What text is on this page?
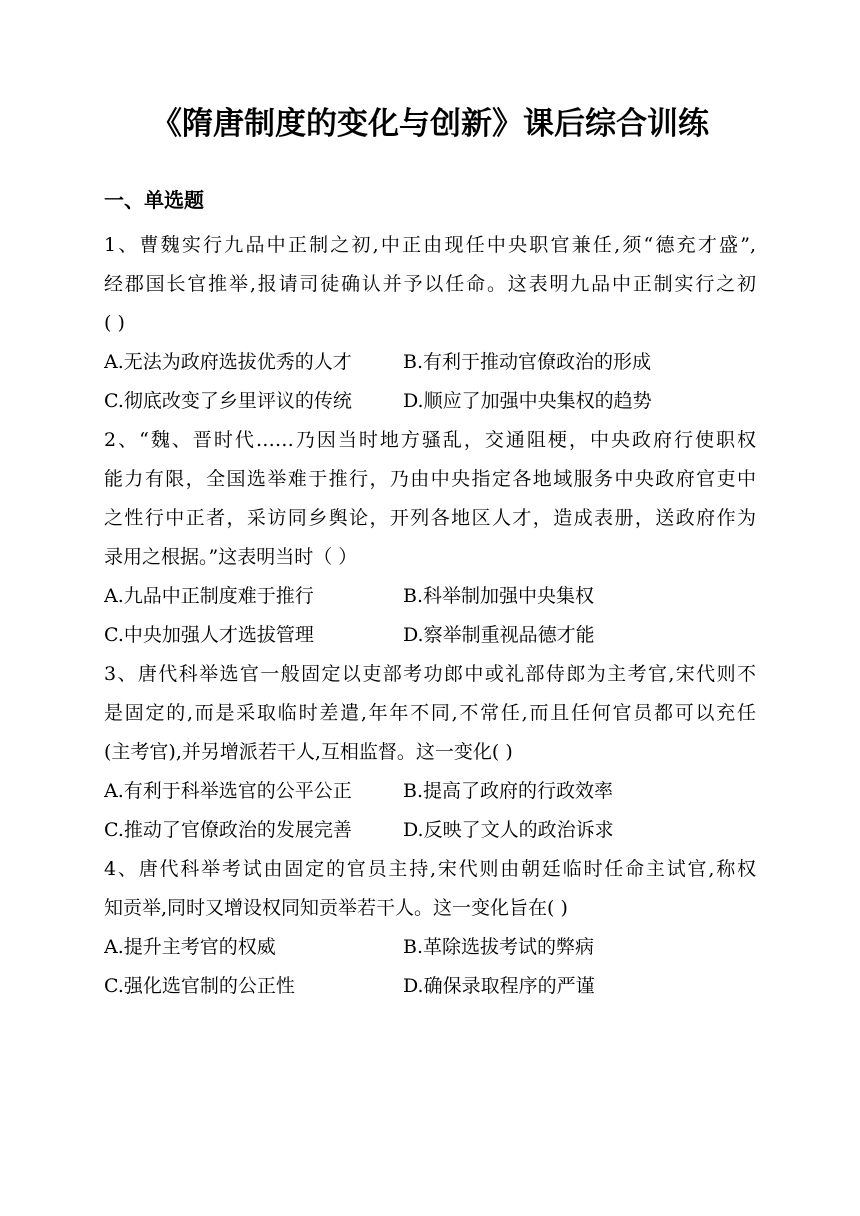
《隋唐制度的变化与创新》课后综合训练
一、单选题
1、曹魏实行九品中正制之初,中正由现任中央职官兼任,须“德充才盛”,
经郡国长官推举,报请司徒确认并予以任命。这表明九品中正制实行之初
( )
A.无法为政府选拔优秀的人才	B.有利于推动官僚政治的形成
C.彻底改变了乡里评议的传统	D.顺应了加强中央集权的趋势
2、“魏、晋时代……乃因当时地方骚乱，交通阻梗，中央政府行使职权
能力有限，全国选举难于推行，乃由中央指定各地域服务中央政府官吏中
之性行中正者，采访同乡舆论，开列各地区人才，造成表册，送政府作为
录用之根据。”这表明当时（ ）
A.九品中正制度难于推行	B.科举制加强中央集权
C.中央加强人才选拔管理	D.察举制重视品德才能
3、唐代科举选官一般固定以吏部考功郎中或礼部侍郎为主考官,宋代则不
是固定的,而是采取临时差遣,年年不同,不常任,而且任何官员都可以充任
(主考官),并另增派若干人,互相监督。这一变化( )
A.有利于科举选官的公平公正	B.提高了政府的行政效率
C.推动了官僚政治的发展完善	D.反映了文人的政治诉求
4、唐代科举考试由固定的官员主持,宋代则由朝廷临时任命主试官,称权
知贡举,同时又增设权同知贡举若干人。这一变化旨在( )
A.提升主考官的权威	B.革除选拔考试的弊病
C.强化选官制的公正性	D.确保录取程序的严谨
